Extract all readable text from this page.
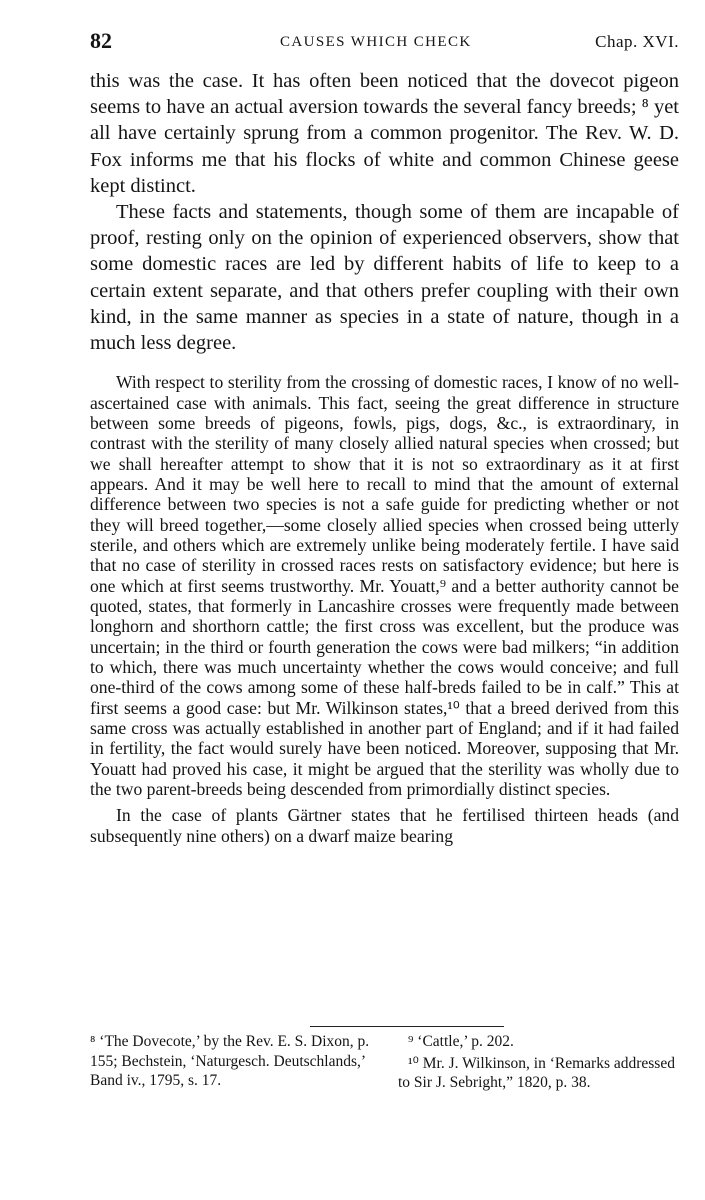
82	CAUSES WHICH CHECK	Chap. XVI.

this was the case. It has often been noticed that the dovecot pigeon seems to have an actual aversion towards the several fancy breeds; ⁸ yet all have certainly sprung from a common progenitor. The Rev. W. D. Fox informs me that his flocks of white and common Chinese geese kept distinct.

These facts and statements, though some of them are incapable of proof, resting only on the opinion of experienced observers, show that some domestic races are led by different habits of life to keep to a certain extent separate, and that others prefer coupling with their own kind, in the same manner as species in a state of nature, though in a much less degree.

With respect to sterility from the crossing of domestic races, I know of no well-ascertained case with animals. This fact, seeing the great difference in structure between some breeds of pigeons, fowls, pigs, dogs, &c., is extraordinary, in contrast with the sterility of many closely allied natural species when crossed; but we shall hereafter attempt to show that it is not so extraordinary as it at first appears. And it may be well here to recall to mind that the amount of external difference between two species is not a safe guide for predicting whether or not they will breed together,—some closely allied species when crossed being utterly sterile, and others which are extremely unlike being moderately fertile. I have said that no case of sterility in crossed races rests on satisfactory evidence; but here is one which at first seems trustworthy. Mr. Youatt,⁹ and a better authority cannot be quoted, states, that formerly in Lancashire crosses were frequently made between longhorn and shorthorn cattle; the first cross was excellent, but the produce was uncertain; in the third or fourth generation the cows were bad milkers; “in addition to which, there was much uncertainty whether the cows would conceive; and full one-third of the cows among some of these half-breds failed to be in calf.” This at first seems a good case: but Mr. Wilkinson states,¹⁰ that a breed derived from this same cross was actually established in another part of England; and if it had failed in fertility, the fact would surely have been noticed. Moreover, supposing that Mr. Youatt had proved his case, it might be argued that the sterility was wholly due to the two parent-breeds being descended from primordially distinct species.

In the case of plants Gärtner states that he fertilised thirteen heads (and subsequently nine others) on a dwarf maize bearing

⁸ ‘The Dovecote,’ by the Rev. E. S. Dixon, p. 155; Bechstein, ‘Naturgesch. Deutschlands,’ Band iv., 1795, s. 17.

⁹ ‘Cattle,’ p. 202.

¹⁰ Mr. J. Wilkinson, in ‘Remarks addressed to Sir J. Sebright,” 1820, p. 38.
